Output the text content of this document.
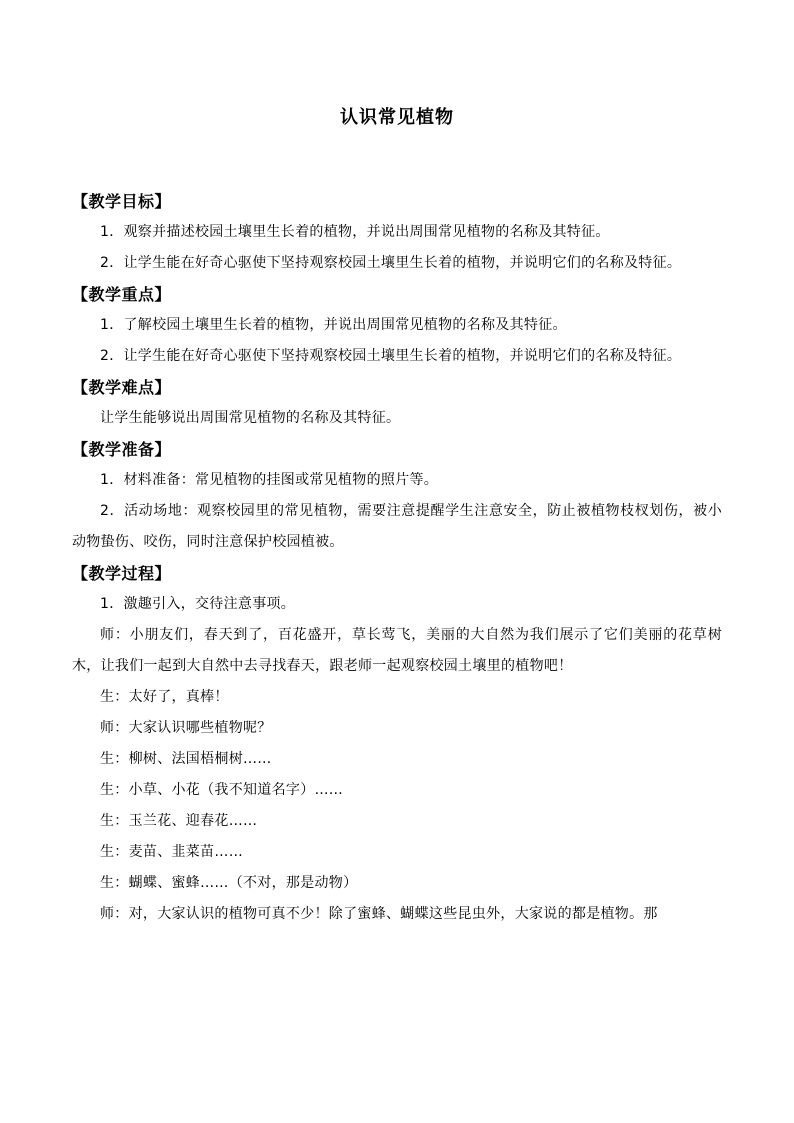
认识常见植物
【教学目标】

1．观察并描述校园土壤里生长着的植物，并说出周围常见植物的名称及其特征。

2．让学生能在好奇心驱使下坚持观察校园土壤里生长着的植物，并说明它们的名称及特征。

【教学重点】

1．了解校园土壤里生长着的植物，并说出周围常见植物的名称及其特征。

2．让学生能在好奇心驱使下坚持观察校园土壤里生长着的植物，并说明它们的名称及特征。

【教学难点】

让学生能够说出周围常见植物的名称及其特征。

【教学准备】

1．材料准备：常见植物的挂图或常见植物的照片等。

2．活动场地：观察校园里的常见植物，需要注意提醒学生注意安全，防止被植物枝杈划伤，被小动物蛰伤、咬伤，同时注意保护校园植被。

【教学过程】

1．激趣引入，交待注意事项。

师：小朋友们，春天到了，百花盛开，草长莺飞，美丽的大自然为我们展示了它们美丽的花草树木，让我们一起到大自然中去寻找春天，跟老师一起观察校园土壤里的植物吧！

生：太好了，真棒！

师：大家认识哪些植物呢？

生：柳树、法国梧桐树……

生：小草、小花（我不知道名字）……

生：玉兰花、迎春花……

生：麦苗、韭菜苗……

生：蝴蝶、蜜蜂……（不对，那是动物）

师：对，大家认识的植物可真不少！除了蜜蜂、蝴蝶这些昆虫外，大家说的都是植物。那
